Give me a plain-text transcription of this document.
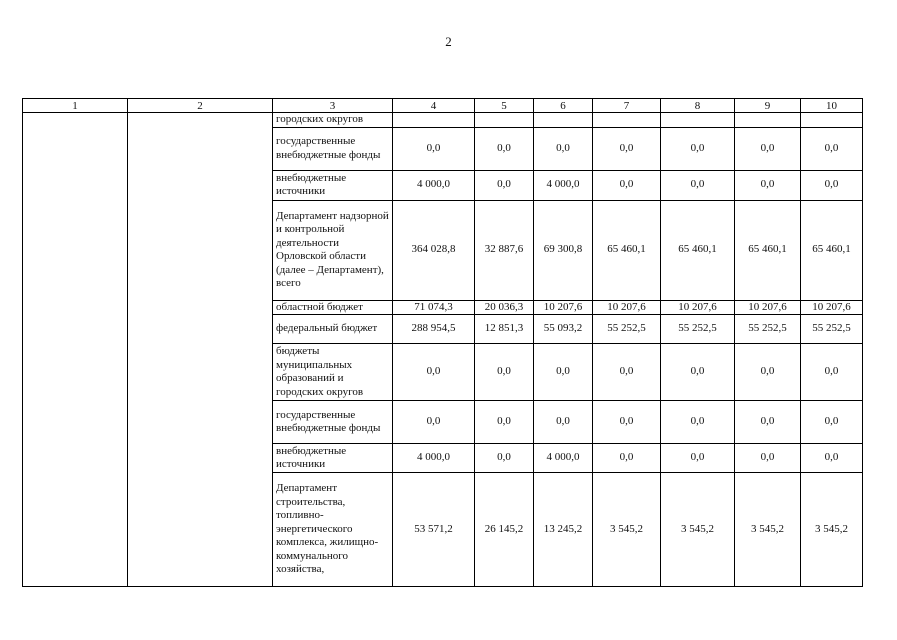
2
1	2	3	4	5	6	7	8	9	10
		городских округов							
		государственные внебюджетные фонды	0,0	0,0	0,0	0,0	0,0	0,0	0,0
		внебюджетные источники	4 000,0	0,0	4 000,0	0,0	0,0	0,0	0,0
		Департамент надзорной и контрольной деятельности Орловской области (далее – Департамент), всего	364 028,8	32 887,6	69 300,8	65 460,1	65 460,1	65 460,1	65 460,1
		областной бюджет	71 074,3	20 036,3	10 207,6	10 207,6	10 207,6	10 207,6	10 207,6
		федеральный бюджет	288 954,5	12 851,3	55 093,2	55 252,5	55 252,5	55 252,5	55 252,5
		бюджеты муниципальных образований и городских округов	0,0	0,0	0,0	0,0	0,0	0,0	0,0
		государственные внебюджетные фонды	0,0	0,0	0,0	0,0	0,0	0,0	0,0
		внебюджетные источники	4 000,0	0,0	4 000,0	0,0	0,0	0,0	0,0
		Департамент строительства, топливно-энергетического комплекса, жилищно-коммунального хозяйства,	53 571,2	26 145,2	13 245,2	3 545,2	3 545,2	3 545,2	3 545,2
